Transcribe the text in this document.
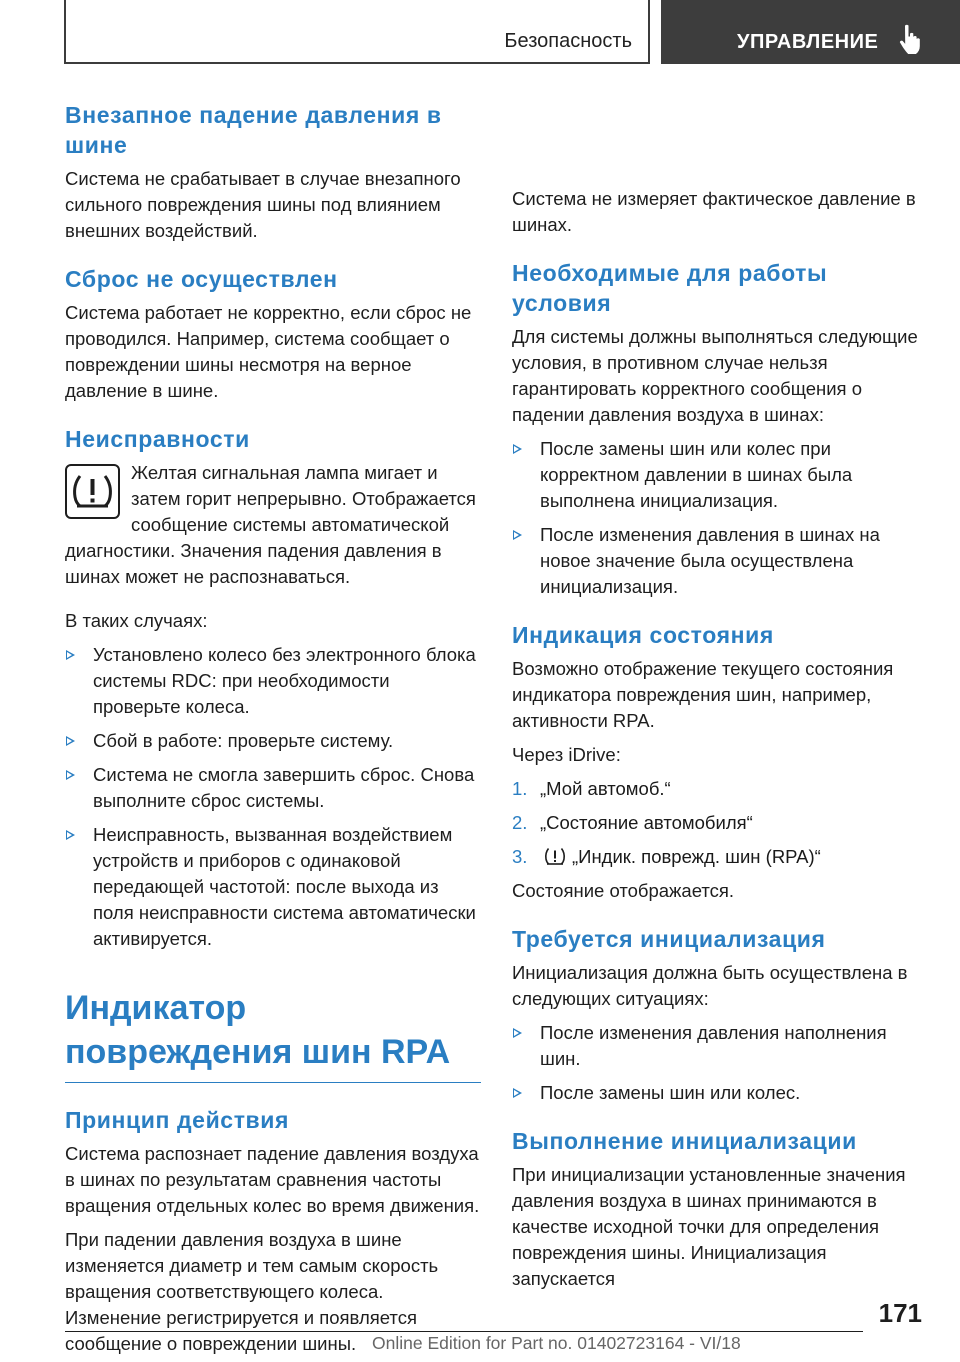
Безопасность	УПРАВЛЕНИЕ
Внезапное падение давления в шине

Система не срабатывает в случае внезапного сильного повреждения шины под влиянием внешних воздействий.

Сброс не осуществлен

Система работает не корректно, если сброс не проводился. Например, система сообщает о повреждении шины несмотря на верное давление в шине.

Неисправности

Желтая сигнальная лампа мигает и затем горит непрерывно. Отображается сообщение системы автоматической диагностики. Значения падения давления в шинах может не распознаваться.

В таких случаях:

Установлено колесо без электронного блока системы RDC: при необходимости проверьте колеса.
Сбой в работе: проверьте систему.
Система не смогла завершить сброс. Снова выполните сброс системы.
Неисправность, вызванная воздействием устройств и приборов с одинаковой передающей частотой: после выхода из поля неисправности система автоматически активируется.
Индикатор повреждения шин RPA
Принцип действия

Система распознает падение давления воздуха в шинах по результатам сравнения частоты вращения отдельных колес во время движения.

При падении давления воздуха в шине изменяется диаметр и тем самым скорость вращения соответствующего колеса. Изменение регистрируется и появляется сообщение о повреждении шины.

Система не измеряет фактическое давление в шинах.

Необходимые для работы условия

Для системы должны выполняться следующие условия, в противном случае нельзя гарантировать корректного сообщения о падении давления воздуха в шинах:

После замены шин или колес при корректном давлении в шинах была выполнена инициализация.
После изменения давления в шинах на новое значение была осуществлена инициализация.
Индикация состояния

Возможно отображение текущего состояния индикатора повреждения шин, например, активности RPA.

Через iDrive:

1. „Мой автомоб.“
2. „Состояние автомобиля“
3. „Индик. поврежд. шин (RPA)“

Состояние отображается.

Требуется инициализация

Инициализация должна быть осуществлена в следующих ситуациях:

После изменения давления наполнения шин.
После замены шин или колес.
Выполнение инициализации

При инициализации установленные значения давления воздуха в шинах принимаются в качестве исходной точки для определения повреждения шины. Инициализация запускается

171
Online Edition for Part no. 01402723164 - VI/18
